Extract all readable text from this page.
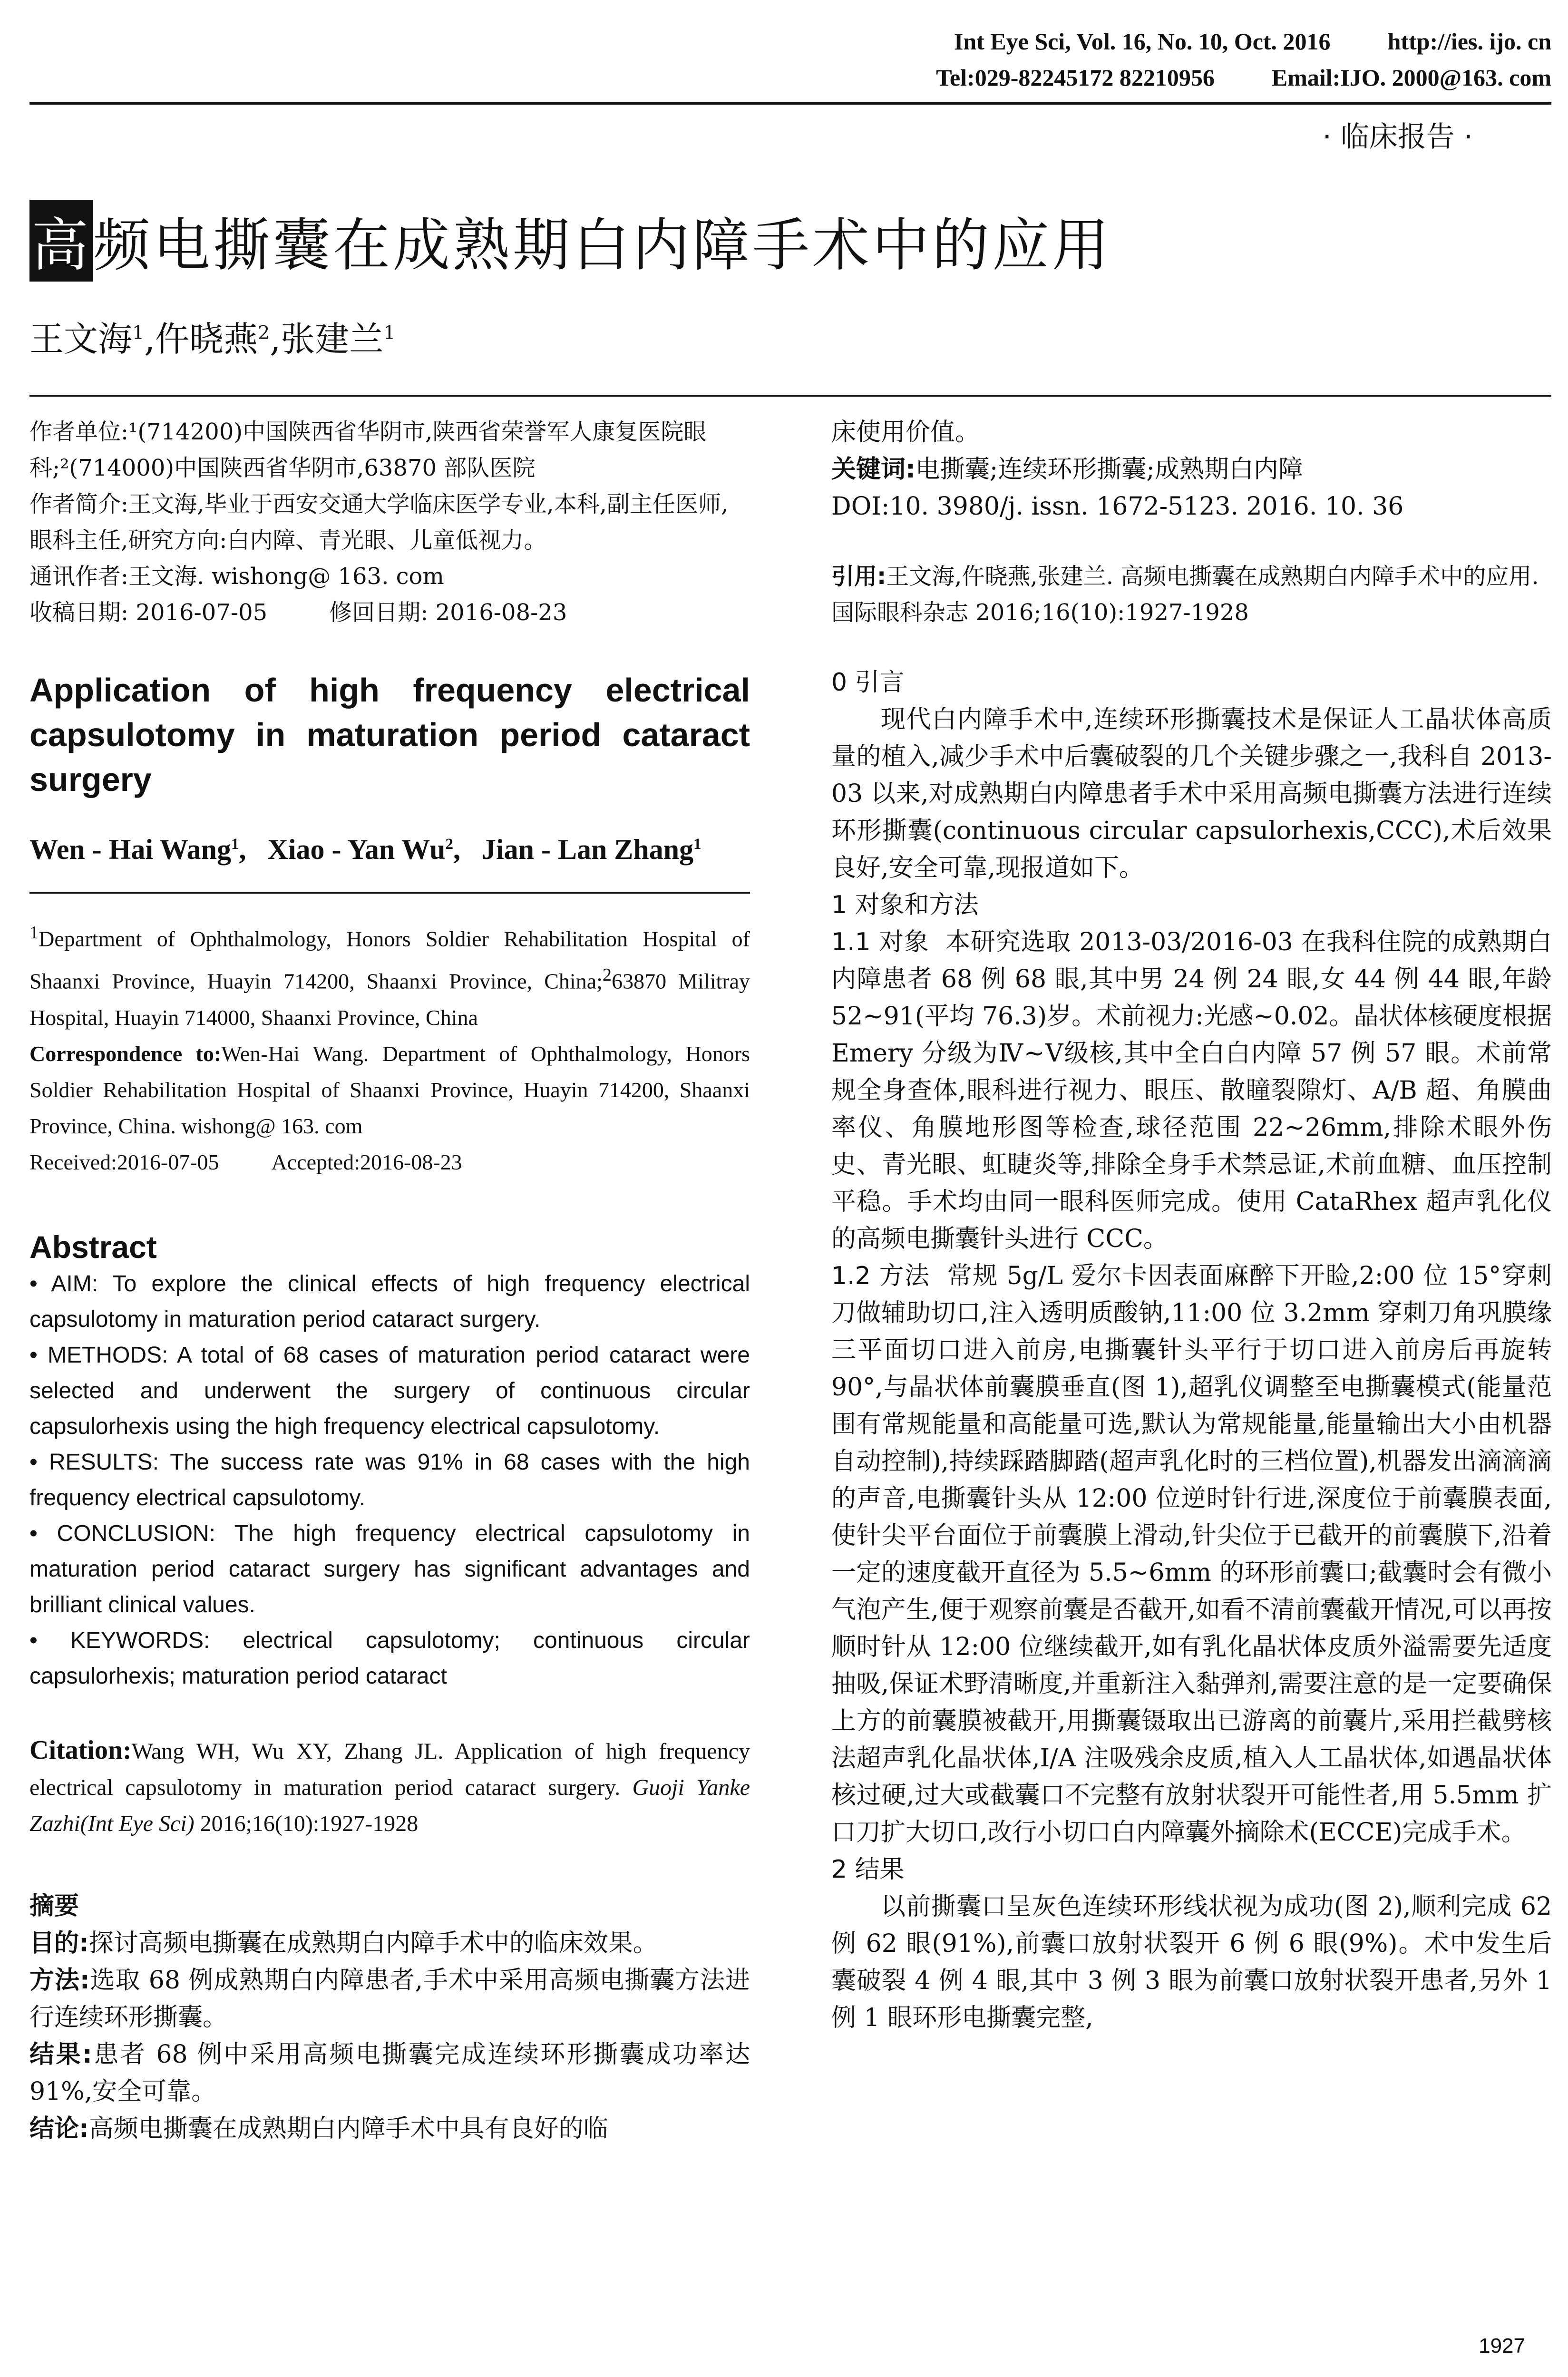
Int Eye Sci, Vol. 16, No. 10, Oct. 2016 http://ies. ijo. cn
Tel:029-82245172 82210956 Email:IJO. 2000@163. com
· 临床报告 ·
高频电撕囊在成熟期白内障手术中的应用
王文海$^1$,仵晓燕$^2$,张建兰$^1$
作者单位:¹(714200)中国陕西省华阴市,陕西省荣誉军人康复医院眼科;²(714000)中国陕西省华阴市,63870 部队医院
作者简介:王文海,毕业于西安交通大学临床医学专业,本科,副主任医师,眼科主任,研究方向:白内障、青光眼、儿童低视力。
通讯作者:王文海. wishong@ 163. com
收稿日期: 2016-07-05	修回日期: 2016-08-23
Application of high frequency electrical capsulotomy in maturation period cataract surgery
Wen - Hai Wang$^1$,   Xiao - Yan Wu$^2$,   Jian - Lan Zhang$^1$
$^1$Department of Ophthalmology, Honors Soldier Rehabilitation Hospital of Shaanxi Province, Huayin 714200, Shaanxi Province, China;$^2$63870 Militray Hospital, Huayin 714000, Shaanxi Province, China
Correspondence to:Wen-Hai Wang. Department of Ophthalmology, Honors Soldier Rehabilitation Hospital of Shaanxi Province, Huayin 714200, Shaanxi Province, China. wishong@ 163. com
Received:2016-07-05 Accepted:2016-08-23
Abstract
• AIM: To explore the clinical effects of high frequency electrical capsulotomy in maturation period cataract surgery.
• METHODS: A total of 68 cases of maturation period cataract were selected and underwent the surgery of continuous circular capsulorhexis using the high frequency electrical capsulotomy.
• RESULTS: The success rate was 91% in 68 cases with the high frequency electrical capsulotomy.
• CONCLUSION: The high frequency electrical capsulotomy in maturation period cataract surgery has significant advantages and brilliant clinical values.
• KEYWORDS: electrical capsulotomy; continuous circular capsulorhexis; maturation period cataract
Citation:Wang WH, Wu XY, Zhang JL. Application of high frequency electrical capsulotomy in maturation period cataract surgery. Guoji Yanke Zazhi(Int Eye Sci) 2016;16(10):1927-1928
摘要
目的:探讨高频电撕囊在成熟期白内障手术中的临床效果。
方法:选取 68 例成熟期白内障患者,手术中采用高频电撕囊方法进行连续环形撕囊。
结果:患者 68 例中采用高频电撕囊完成连续环形撕囊成功率达 91%,安全可靠。
结论:高频电撕囊在成熟期白内障手术中具有良好的临
床使用价值。
关键词:电撕囊;连续环形撕囊;成熟期白内障
DOI:10. 3980/j. issn. 1672-5123. 2016. 10. 36
引用:王文海,仵晓燕,张建兰. 高频电撕囊在成熟期白内障手术中的应用. 国际眼科杂志 2016;16(10):1927-1928
0 引言
现代白内障手术中,连续环形撕囊技术是保证人工晶状体高质量的植入,减少手术中后囊破裂的几个关键步骤之一,我科自 2013-03 以来,对成熟期白内障患者手术中采用高频电撕囊方法进行连续环形撕囊(continuous circular capsulorhexis,CCC),术后效果良好,安全可靠,现报道如下。
1 对象和方法
1.1 对象 本研究选取 2013-03/2016-03 在我科住院的成熟期白内障患者 68 例 68 眼,其中男 24 例 24 眼,女 44 例 44 眼,年龄 52~91(平均 76.3)岁。术前视力:光感~0.02。晶状体核硬度根据 Emery 分级为Ⅳ~Ⅴ级核,其中全白白内障 57 例 57 眼。术前常规全身查体,眼科进行视力、眼压、散瞳裂隙灯、A/B 超、角膜曲率仪、角膜地形图等检查,球径范围 22~26mm,排除术眼外伤史、青光眼、虹睫炎等,排除全身手术禁忌证,术前血糖、血压控制平稳。手术均由同一眼科医师完成。使用 CataRhex 超声乳化仪的高频电撕囊针头进行 CCC。
1.2 方法 常规 5g/L 爱尔卡因表面麻醉下开睑,2:00 位 15°穿刺刀做辅助切口,注入透明质酸钠,11:00 位 3.2mm 穿刺刀角巩膜缘三平面切口进入前房,电撕囊针头平行于切口进入前房后再旋转 90°,与晶状体前囊膜垂直(图 1),超乳仪调整至电撕囊模式(能量范围有常规能量和高能量可选,默认为常规能量,能量输出大小由机器自动控制),持续踩踏脚踏(超声乳化时的三档位置),机器发出滴滴滴的声音,电撕囊针头从 12:00 位逆时针行进,深度位于前囊膜表面,使针尖平台面位于前囊膜上滑动,针尖位于已截开的前囊膜下,沿着一定的速度截开直径为 5.5~6mm 的环形前囊口;截囊时会有微小气泡产生,便于观察前囊是否截开,如看不清前囊截开情况,可以再按顺时针从 12:00 位继续截开,如有乳化晶状体皮质外溢需要先适度抽吸,保证术野清晰度,并重新注入黏弹剂,需要注意的是一定要确保上方的前囊膜被截开,用撕囊镊取出已游离的前囊片,采用拦截劈核法超声乳化晶状体,I/A 注吸残余皮质,植入人工晶状体,如遇晶状体核过硬,过大或截囊口不完整有放射状裂开可能性者,用 5.5mm 扩口刀扩大切口,改行小切口白内障囊外摘除术(ECCE)完成手术。
2 结果
以前撕囊口呈灰色连续环形线状视为成功(图 2),顺利完成 62 例 62 眼(91%),前囊口放射状裂开 6 例 6 眼(9%)。术中发生后囊破裂 4 例 4 眼,其中 3 例 3 眼为前囊口放射状裂开患者,另外 1 例 1 眼环形电撕囊完整,
1927
